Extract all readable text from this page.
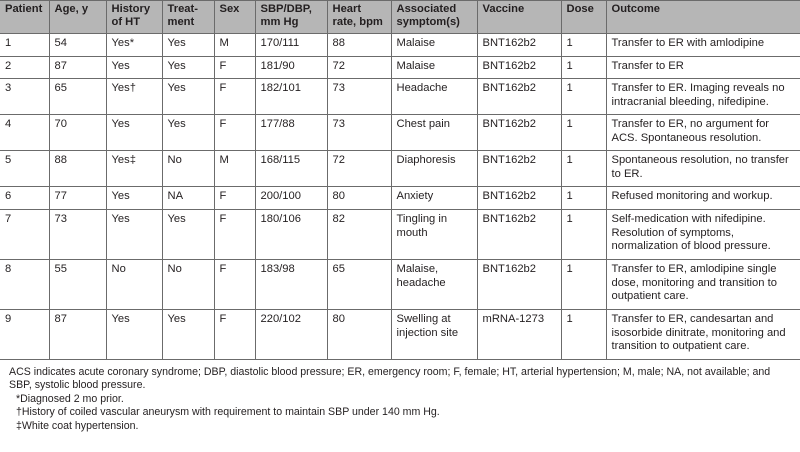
Patient	Age, y	History of HT	Treat-ment	Sex	SBP/DBP, mm Hg	Heart rate, bpm	Associated symptom(s)	Vaccine	Dose	Outcome
1	54	Yes*	Yes	M	170/111	88	Malaise	BNT162b2	1	Transfer to ER with amlodipine
2	87	Yes	Yes	F	181/90	72	Malaise	BNT162b2	1	Transfer to ER
3	65	Yes†	Yes	F	182/101	73	Headache	BNT162b2	1	Transfer to ER. Imaging reveals no intracranial bleeding, nifedipine.
4	70	Yes	Yes	F	177/88	73	Chest pain	BNT162b2	1	Transfer to ER, no argument for ACS. Spontaneous resolution.
5	88	Yes‡	No	M	168/115	72	Diaphoresis	BNT162b2	1	Spontaneous resolution, no transfer to ER.
6	77	Yes	NA	F	200/100	80	Anxiety	BNT162b2	1	Refused monitoring and workup.
7	73	Yes	Yes	F	180/106	82	Tingling in mouth	BNT162b2	1	Self-medication with nifedipine. Resolution of symptoms, normalization of blood pressure.
8	55	No	No	F	183/98	65	Malaise, headache	BNT162b2	1	Transfer to ER, amlodipine single dose, monitoring and transition to outpatient care.
9	87	Yes	Yes	F	220/102	80	Swelling at injection site	mRNA-1273	1	Transfer to ER, candesartan and isosorbide dinitrate, monitoring and transition to outpatient care.
ACS indicates acute coronary syndrome; DBP, diastolic blood pressure; ER, emergency room; F, female; HT, arterial hypertension; M, male; NA, not available; and SBP, systolic blood pressure.
*Diagnosed 2 mo prior.
†History of coiled vascular aneurysm with requirement to maintain SBP under 140 mm Hg.
‡White coat hypertension.
